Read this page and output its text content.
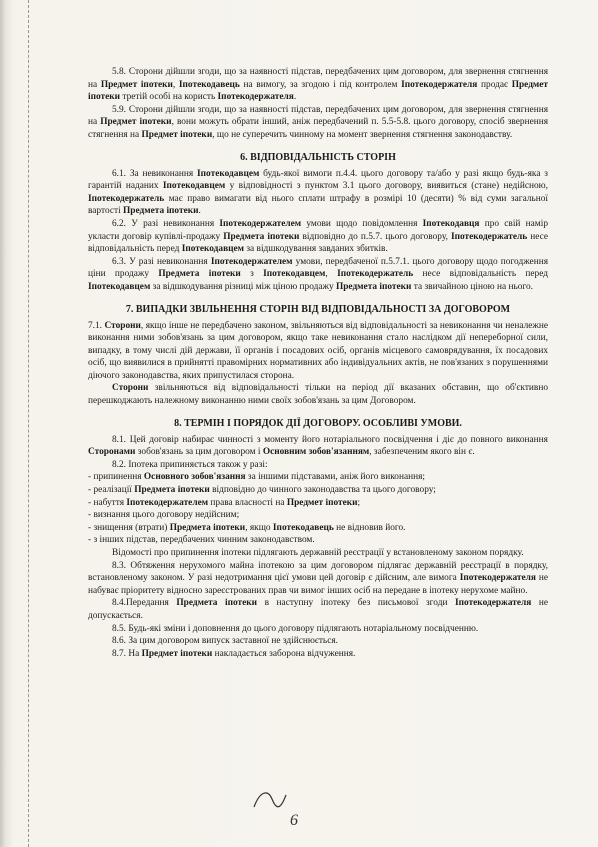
5.8. Сторони дійшли згоди, що за наявності підстав, передбачених цим договором, для звернення стягнення на Предмет іпотеки, Іпотекодавець на вимогу, за згодою і під контролем Іпотекодержателя продає Предмет іпотеки третій особі на користь Іпотекодержателя.

5.9. Сторони дійшли згоди, що за наявності підстав, передбачених цим договором, для звернення стягнення на Предмет іпотеки, вони можуть обрати інший, аніж передбачений п. 5.5-5.8. цього договору, спосіб звернення стягнення на Предмет іпотеки, що не суперечить чинному на момент звернення стягнення законодавству.

6. ВІДПОВІДАЛЬНІСТЬ СТОРІН

6.1. За невиконання Іпотекодавцем будь-якої вимоги п.4.4. цього договору та/або у разі якщо будь-яка з гарантій наданих Іпотекодавцем у відповідності з пунктом 3.1 цього договору, виявиться (стане) недійсною, Іпотекодержатель має право вимагати від нього сплати штрафу в розмірі 10 (десяти) % від суми загальної вартості Предмета іпотеки.

6.2. У разі невиконання Іпотекодержателем умови щодо повідомлення Іпотекодавця про свій намір укласти договір купівлі-продажу Предмета іпотеки відповідно до п.5.7. цього договору, Іпотекодержатель несе відповідальність перед Іпотекодавцем за відшкодування завданих збитків.

6.3. У разі невиконання Іпотекодержателем умови, передбаченої п.5.7.1. цього договору щодо погодження ціни продажу Предмета іпотеки з Іпотекодавцем, Іпотекодержатель несе відповідальність перед Іпотекодавцем за відшкодування різниці між ціною продажу Предмета іпотеки та звичайною ціною на нього.

7. ВИПАДКИ ЗВІЛЬНЕННЯ СТОРІН ВІД ВІДПОВІДАЛЬНОСТІ ЗА ДОГОВОРОМ

7.1. Сторони, якщо інше не передбачено законом, звільняються від відповідальності за невиконання чи неналежне виконання ними зобов'язань за цим договором, якщо таке невиконання стало наслідком дії непереборної сили, випадку, в тому числі дій держави, її органів і посадових осіб, органів місцевого самоврядування, їх посадових осіб, що виявилися в прийнятті правомірних нормативних або індивідуальних актів, не пов'язаних з порушеннями діючого законодавства, яких припустилася сторона.

Сторони звільняються від відповідальності тільки на період дії вказаних обставин, що об'єктивно перешкоджають належному виконанню ними своїх зобов'язань за цим Договором.

8. ТЕРМІН І ПОРЯДОК ДІЇ ДОГОВОРУ. ОСОБЛИВІ УМОВИ.

8.1. Цей договір набирає чинності з моменту його нотаріального посвідчення і діє до повного виконання Сторонами зобов'язань за цим договором і Основним зобов'язанням, забезпеченим якого він є.

8.2. Іпотека припиняється також у разі:

- припинення Основного зобов'язання за іншими підставами, аніж його виконання;

- реалізації Предмета іпотеки відповідно до чинного законодавства та цього договору;

- набуття Іпотекодержателем права власності на Предмет іпотеки;

- визнання цього договору недійсним;

- знищення (втрати) Предмета іпотеки, якщо Іпотекодавець не відновив його.

- з інших підстав, передбачених чинним законодавством.

Відомості про припинення іпотеки підлягають державній реєстрації у встановленому законом порядку.

8.3. Обтяження нерухомого майна іпотекою за цим договором підлягає державній реєстрації в порядку, встановленому законом. У разі недотримання цієї умови цей договір є дійсним, але вимога Іпотекодержателя не набуває пріоритету відносно зареєстрованих прав чи вимог інших осіб на передане в іпотеку нерухоме майно.

8.4.Передання Предмета іпотеки в наступну іпотеку без письмової згоди Іпотекодержателя не допускається.

8.5. Будь-які зміни і доповнення до цього договору підлягають нотаріальному посвідченню.

8.6. За цим договором випуск заставної не здійснюється.

8.7. На Предмет іпотеки накладається заборона відчуження.

6
